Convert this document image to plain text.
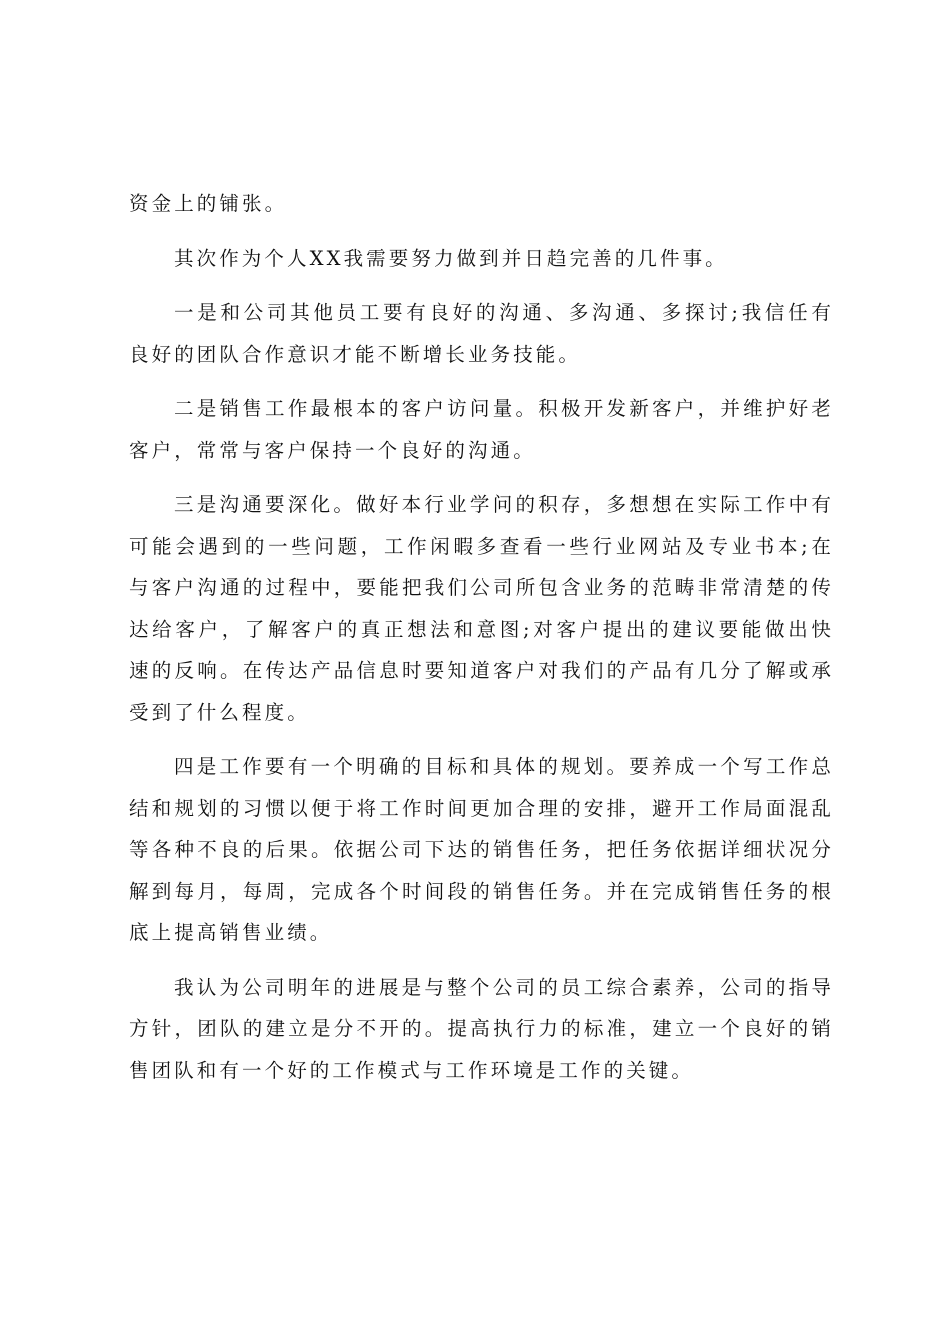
资金上的铺张。

其次作为个人XX我需要努力做到并日趋完善的几件事。

一是和公司其他员工要有良好的沟通、多沟通、多探讨;我信任有良好的团队合作意识才能不断增长业务技能。

二是销售工作最根本的客户访问量。积极开发新客户，并维护好老客户，常常与客户保持一个良好的沟通。

三是沟通要深化。做好本行业学问的积存，多想想在实际工作中有可能会遇到的一些问题，工作闲暇多查看一些行业网站及专业书本;在与客户沟通的过程中，要能把我们公司所包含业务的范畴非常清楚的传达给客户，了解客户的真正想法和意图;对客户提出的建议要能做出快速的反响。在传达产品信息时要知道客户对我们的产品有几分了解或承受到了什么程度。

四是工作要有一个明确的目标和具体的规划。要养成一个写工作总结和规划的习惯以便于将工作时间更加合理的安排，避开工作局面混乱等各种不良的后果。依据公司下达的销售任务，把任务依据详细状况分解到每月，每周，完成各个时间段的销售任务。并在完成销售任务的根底上提高销售业绩。

我认为公司明年的进展是与整个公司的员工综合素养，公司的指导方针，团队的建立是分不开的。提高执行力的标准，建立一个良好的销售团队和有一个好的工作模式与工作环境是工作的关键。
